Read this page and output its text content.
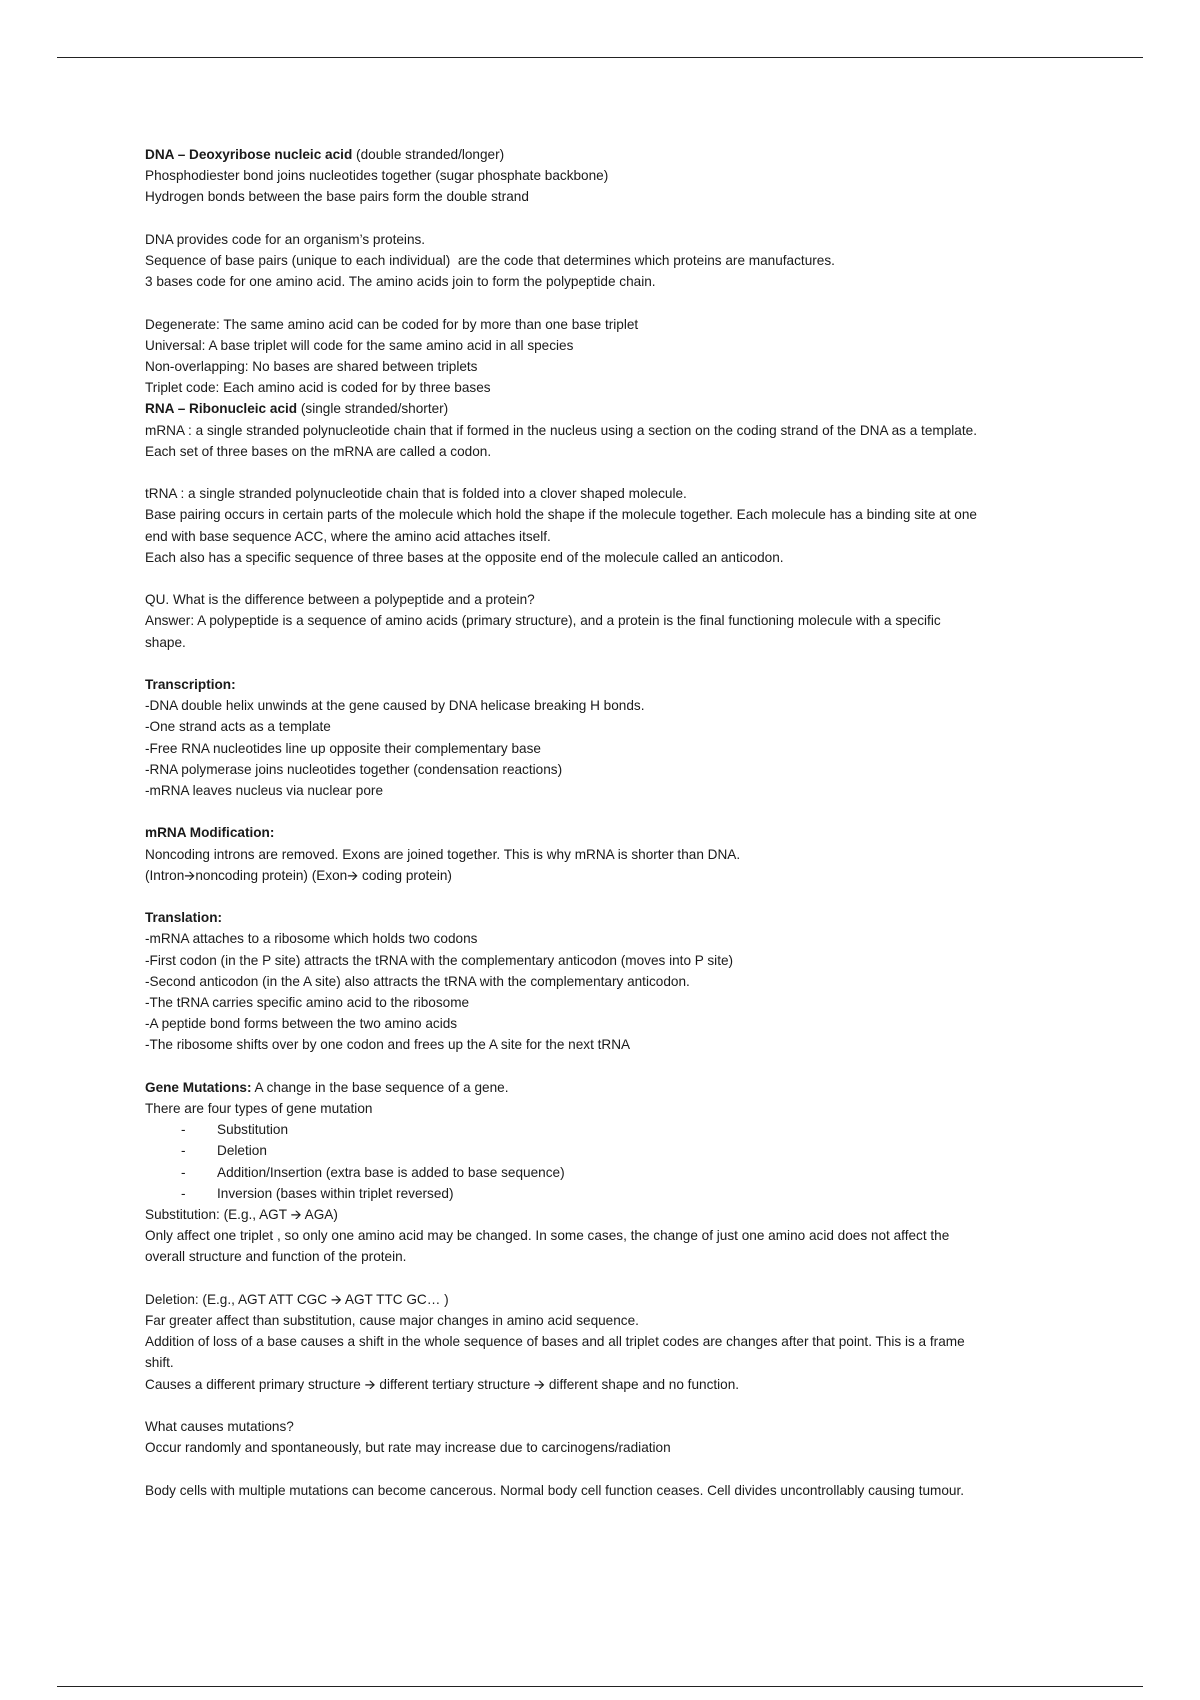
DNA – Deoxyribose nucleic acid (double stranded/longer)

Phosphodiester bond joins nucleotides together (sugar phosphate backbone)

Hydrogen bonds between the base pairs form the double strand

DNA provides code for an organism’s proteins.

Sequence of base pairs (unique to each individual)  are the code that determines which proteins are manufactures.

3 bases code for one amino acid. The amino acids join to form the polypeptide chain.

Degenerate: The same amino acid can be coded for by more than one base triplet

Universal: A base triplet will code for the same amino acid in all species

Non-overlapping: No bases are shared between triplets

Triplet code: Each amino acid is coded for by three bases

RNA – Ribonucleic acid (single stranded/shorter)

mRNA : a single stranded polynucleotide chain that if formed in the nucleus using a section on the coding strand of the DNA as a template.

Each set of three bases on the mRNA are called a codon.

tRNA : a single stranded polynucleotide chain that is folded into a clover shaped molecule.

Base pairing occurs in certain parts of the molecule which hold the shape if the molecule together. Each molecule has a binding site at one

end with base sequence ACC, where the amino acid attaches itself.

Each also has a specific sequence of three bases at the opposite end of the molecule called an anticodon.

QU. What is the difference between a polypeptide and a protein?

Answer: A polypeptide is a sequence of amino acids (primary structure), and a protein is the final functioning molecule with a specific

shape.

Transcription:

-DNA double helix unwinds at the gene caused by DNA helicase breaking H bonds.

-One strand acts as a template

-Free RNA nucleotides line up opposite their complementary base

-RNA polymerase joins nucleotides together (condensation reactions)

-mRNA leaves nucleus via nuclear pore

mRNA Modification:

Noncoding introns are removed. Exons are joined together. This is why mRNA is shorter than DNA.

(Intron🡪noncoding protein) (Exon🡪 coding protein)

Translation:

-mRNA attaches to a ribosome which holds two codons

-First codon (in the P site) attracts the tRNA with the complementary anticodon (moves into P site)

-Second anticodon (in the A site) also attracts the tRNA with the complementary anticodon.

-The tRNA carries specific amino acid to the ribosome

-A peptide bond forms between the two amino acids

-The ribosome shifts over by one codon and frees up the A site for the next tRNA

Gene Mutations: A change in the base sequence of a gene.

There are four types of gene mutation

-	Substitution
-	Deletion
-	Addition/Insertion (extra base is added to base sequence)
-	Inversion (bases within triplet reversed)

Substitution: (E.g., AGT 🡪 AGA)

Only affect one triplet , so only one amino acid may be changed. In some cases, the change of just one amino acid does not affect the

overall structure and function of the protein.

Deletion: (E.g., AGT ATT CGC 🡪 AGT TTC GC… )

Far greater affect than substitution, cause major changes in amino acid sequence.

Addition of loss of a base causes a shift in the whole sequence of bases and all triplet codes are changes after that point. This is a frame

shift.

Causes a different primary structure 🡪 different tertiary structure 🡪 different shape and no function.

What causes mutations?

Occur randomly and spontaneously, but rate may increase due to carcinogens/radiation

Body cells with multiple mutations can become cancerous. Normal body cell function ceases. Cell divides uncontrollably causing tumour.
